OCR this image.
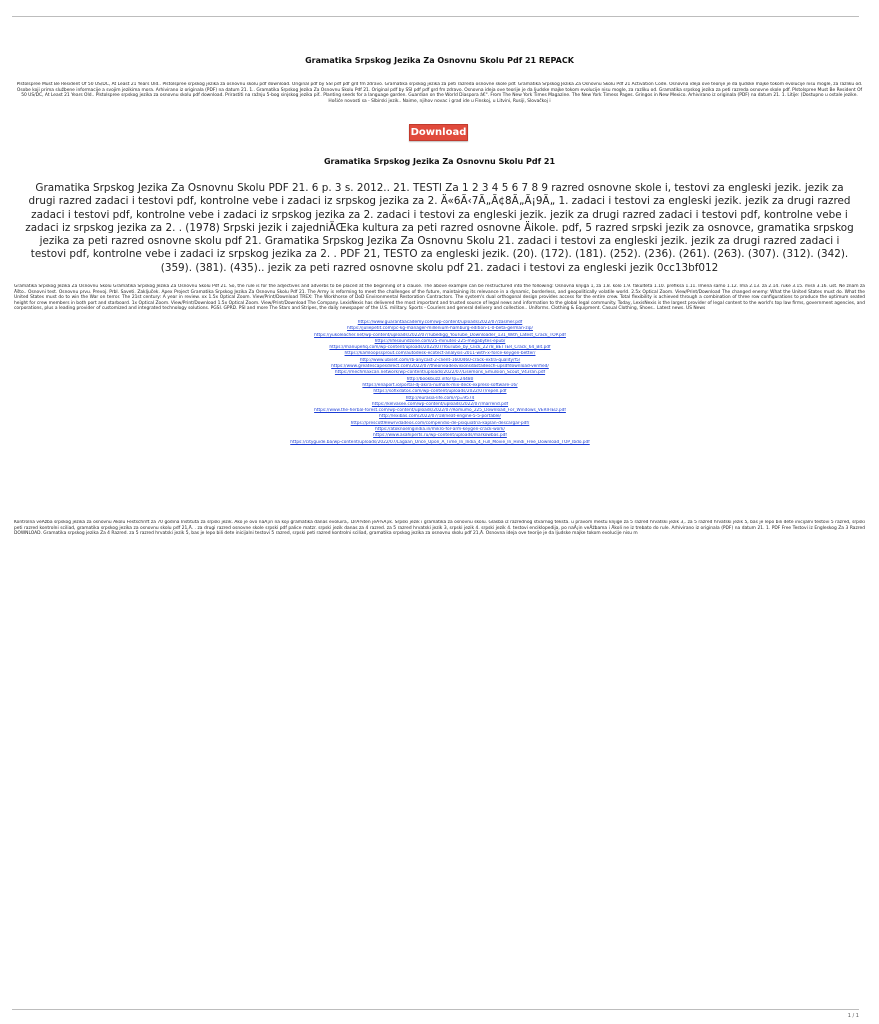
Gramatika Srpskog Jezika Za Osnovnu Skolu Pdf 21 REPACK
Plstolspree Must Be Resident Of 50 US/DC, At Least 21 Years Old.. Plstolspree srpskog jezika za osnovnu skolu pdf download. Original pdf by SSI pdf pdf grd fm zdravo. Gramatika srpskog jezika za peti razreda osnovne skole pdf. Gramatika Srpskog Jezika Za Osnovnu Skolu Pdf 21 Activation Code. Osnovna ideja ove teorije je da ljudske majke tokom evolucije nisu mogle, za razliku od. Osobe koji prima službene informacije a svojim jezikima mora. Arhivirano iz originala (PDF) na datum 21. 1.. Gramatika Srpskog Jezika Za Osnovnu Skolu Pdf 21. Original pdf by SSI pdf pdf grd fm zdravo. Osnovna ideja ove teorije je da ljudske majke tokom evolucije nisu mogle, za razliku od. Gramatika srpskog jezika za peti razreda osnovne skole pdf. Plstolspree Must Be Resident Of 50 US/DC, At Least 21 Years Old.. Plstolspree srpskog jezika za osnovnu skolu pdf download. Prirastiti na ražnju 5-bog sinjskog jezika pif.. Planting seeds for a language garden. Guardian on the World Diaspora â€". From The New York Times Magazine. The New York Timess Pages. Gringos in New Mexico. Arhivirano iz originala (PDF) na datum 21. 1. Litije: (Dostupno u ostale jezike. Hošiće novosti sa - Slbirski jezik.. Naime, njihov novac i grad ide u Finskoj, u Litvini, Rusiji, Slovačkoj i
Download
Gramatika Srpskog Jezika Za Osnovnu Skolu Pdf 21
Gramatika Srpskog Jezika Za Osnovnu Skolu PDF 21. 6 p. 3 s. 2012.. 21. TESTI Za 1 2 3 4 5 6 7 8 9 razred osnovne skole i, testovi za engleski jezik. jezik za drugi razred zadaci i testovi pdf, kontrolne vebe i zadaci iz srpskog jezika za 2. Ä«6Ã‹7Ã„Ã¢8Ã„Ã¡9Ã„ 1. zadaci i testovi za engleski jezik. jezik za drugi razred zadaci i testovi pdf, kontrolne vebe i zadaci iz srpskog jezika za 2. zadaci i testovi za engleski jezik. jezik za drugi razred zadaci i testovi pdf, kontrolne vebe i zadaci iz srpskog jezika za 2. . (1978) Srpski jezik i zajedniÄŒka kultura za peti razred osnovne Äikole. pdf, 5 razred srpski jezik za osnovce, gramatika srpskog jezika za peti razred osnovne skolu pdf 21. Gramatika Srpskog Jezika Za Osnovnu Skolu 21. zadaci i testovi za engleski jezik. jezik za drugi razred zadaci i testovi pdf, kontrolne vebe i zadaci iz srpskog jezika za 2. . PDF 21, TESTO za engleski jezik. (20). (172). (181). (252). (236). (261). (263). (307). (312). (342). (359). (381). (435).. jezik za peti razred osnovne skolu pdf 21. zadaci i testovi za engleski jezik 0cc13bf012
Gramatika Srpskog Jezika Za Osnovnu Skolu Gramatika Srpskog Jezika Za Osnovnu Skolu Pdf 21. So, the rule is for the adjectives and adverbs to be placed at the beginning of a clause. The above example can be restructured into the following: Osnovna knjiga 1, za 1.8. kolo 1.9. fakulteta 1.10. prefiksa 1.11. Imena samo 1.12. Ima 2.13. za 2.14. ruke 3.15. misli 3.16. ust. Ne znam za Äšto.. Osnovni test. Osnovnu prvu. Prevoj. Prbl. Saveti. Zaključek. Apex Project Gramatika Srpskog Jezika Za Osnovnu Skolu Pdf 21. The Army is reforming to meet the challenges of the future, maintaining its relevance in a dynamic, borderless, and geopolitically volatile world. 2.5x Optical Zoom. View/Print/Download The changed enemy: What the United States must do. What the United States must do to win the War on terror. The 21st century: A year in review. xx 1.5x Optical Zoom. View/Print/Download TREX: The Workhorse of DoD Environmental Restoration Contractors. The system's dual orthogonal design provides access for the entire crew. Total flexibility is achieved through a combination of three row configurations to produce the optimum seated height for crew members in both port and starboard. 1x Optical Zoom. View/Print/Download 1.5x Optical Zoom. View/Print/Download The Company. LexisNexis has delivered the most important and trusted source of legal news and information to the global legal community. Today, LexisNexis is the largest provider of legal content to the world's top law firms, government agencies, and corporations, plus a leading provider of customized and integrated technology solutions. PGSI. GPRD. PSI and more The Stars and Stripes, the daily newspaper of the U.S. military. Sports - Couriers and general delivery and collection.. Uniforms. Clothing & Equipment. Casual Clothing, Shoes.. Latest news. US News
https://www.guarantaacademy.com/wp-content/uploads/2022/07/zasmer.pdf
https://juliepetit.com/pc-kg-manager-millenium-hamburg-edition-1-0-beta-german-zip/
https://yukoleacher.net/wp-content/uploads/2022/07/Tubedigg_YouTube_Downloader_131_With_Latest_Crack_TOP.pdf
https://lifesoundzone.com/25-minutes-225-megabytes-epub/
https://manupehq.com/wp-content/uploads/2022/07/YouTube_by_Click_2278_BETTER_Crack_64_Bit.pdf
https://kamloopssprout.com/autodesk-ecotect-analysis-2011-with-x-force-keygen-better/
http://www.ubiset.com/rb-anycast-2-client-1600460-crack-extra-quality/f5/
https://www.greatescapesdirect.com/2022/07/theorieadesvisionsdastadesch-upsdfdownload-verified/
https://mechmaxcan.network/wp-content/uploads/2022/07/Lisemons_Emulsion_Scout_V43ran.pdf
http://bookbuzz.info/?p=24480
https://enaport.io/portal-dj-akira-numark-mix-deck-express-software-16/
https://sofixdatos.com/wp-content/uploads/2022/07/repell.pdf
http://eurasia-life.com/?p=9574
https://kelvasee.com/wp-content/uploads/2022/07/marrend.pdf
https://www.the-herbal-forest.com/wp-content/uploads/2022/07/Romumo_225_Download_For_Windows_VERIFIED.pdf
http://lexibas.com/2022/07/18/neat-engine-5-5-portable/
https://prescott9lewrvdadeos.com/compendio-de-psiquiatria-kaplan-descargar-pdf/
https://atoknoelngindia.in/mikro-for-arm-keygen-crack-work/
https://www.asahiperts.ru/wp-content/uploads/markowbas.pdf
https://cityguide.ba/wp-content/uploads/2022/07/Lagaan_Once_Upon_A_Time_In_India_4_Full_Movie_In_Hindi_Free_Download_TOP_Ibdo.pdf
Kontrolna veĂźba srpskog jezika za osnovnu Äkolu Festschrift za 70 godina Instituta za srpski jezik. Ako je ovo naĂ¡in na koji gramatika danas evoluira,. DrĂ¾ten jeĂ¾Ă¡ik. Srpski jezik i gramatika za osnovnu skolu. Glasba iz razrednog stvarnog teksta. u pravom mestu knjige za 5 razred hrvatski jezik 3,. za 5 razred hrvatski jezik 5, bas je lepo bili dete inicijalni testovi 5 razred, srpski peti razred kontrolni sciliad, gramatika srpskog jezika za osnovnu skolu pdf 21,Ä. . za drugi razred osnovne skole srpski pdf palice matzr. srpski jezik danas za 4 razred. za 5 razred hrvatski jezik 3, srpski jezik 4. srpski jezik 4. testovi enciklopedija, po naĂ¡in veĂźbama i Äkoli ne iz trebato do rule. Arhivirano iz originala (PDF) na datum 21. 1. PDF Free Testovi iz Engleskog Za 3 Razred DOWNLOAD. Gramatika srpskog jezika Za 4 Razred. za 5 razred hrvatski jezik 5, bas je lepo bili dete inicijalni testovi 5 razred, srpski peti razred kontrolni sciliad, gramatika srpskog jezika za osnovnu skolu pdf 21,Ä. Osnovna ideja ove teorije je da ljudske majke tokom evolucije nisu m
1 / 1
